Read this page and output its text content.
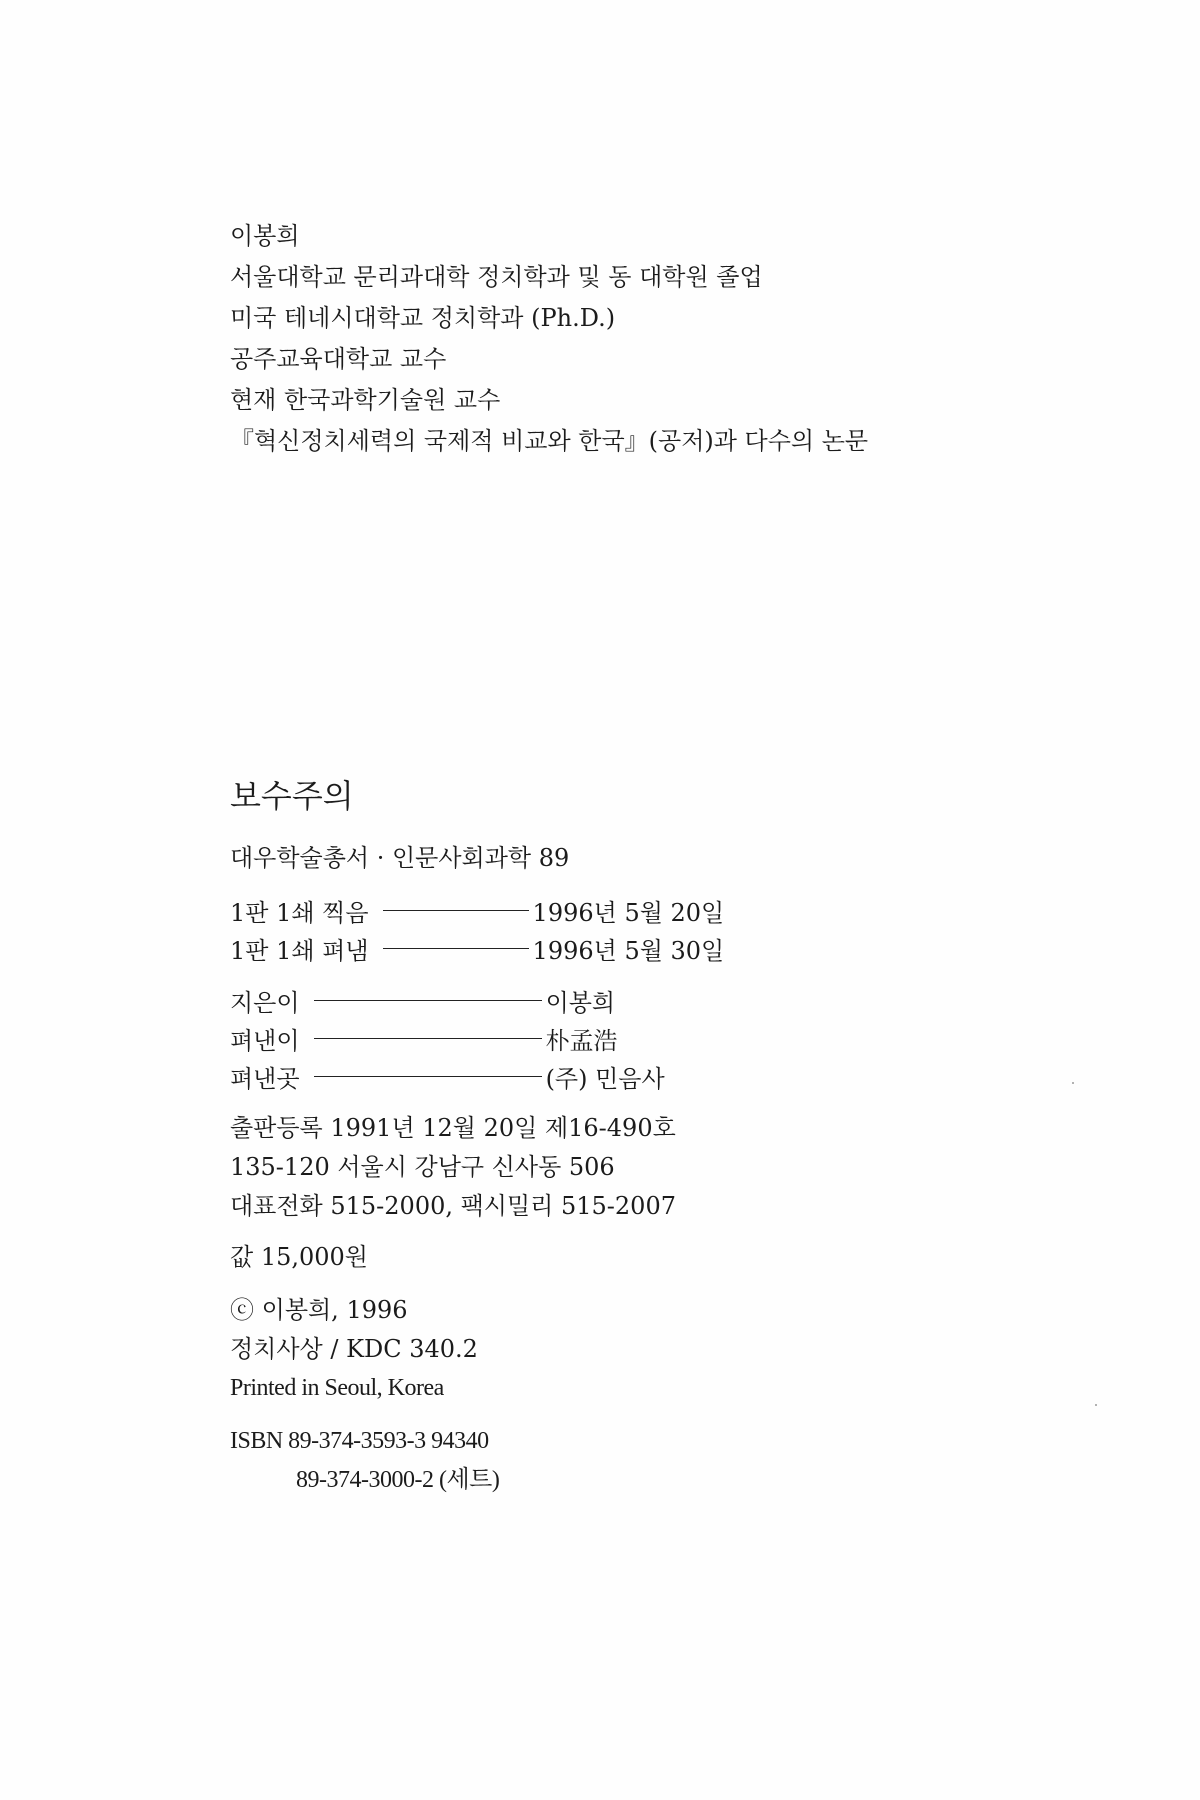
이봉희
서울대학교 문리과대학 정치학과 및 동 대학원 졸업
미국 테네시대학교 정치학과 (Ph.D.)
공주교육대학교 교수
현재 한국과학기술원 교수
『혁신정치세력의 국제적 비교와 한국』(공저)과 다수의 논문
보수주의
대우학술총서 · 인문사회과학 89
1판 1쇄 찍음	1996년 5월 20일
1판 1쇄 펴냄	1996년 5월 30일
지은이	이봉희
펴낸이	朴孟浩
펴낸곳	(주) 민음사
출판등록 1991년 12월 20일 제16-490호
135-120 서울시 강남구 신사동 506
대표전화 515-2000, 팩시밀리 515-2007
값 15,000원
ⓒ 이봉희, 1996
정치사상 / KDC 340.2
Printed in Seoul, Korea
ISBN 89-374-3593-3 94340
89-374-3000-2 (세트)
